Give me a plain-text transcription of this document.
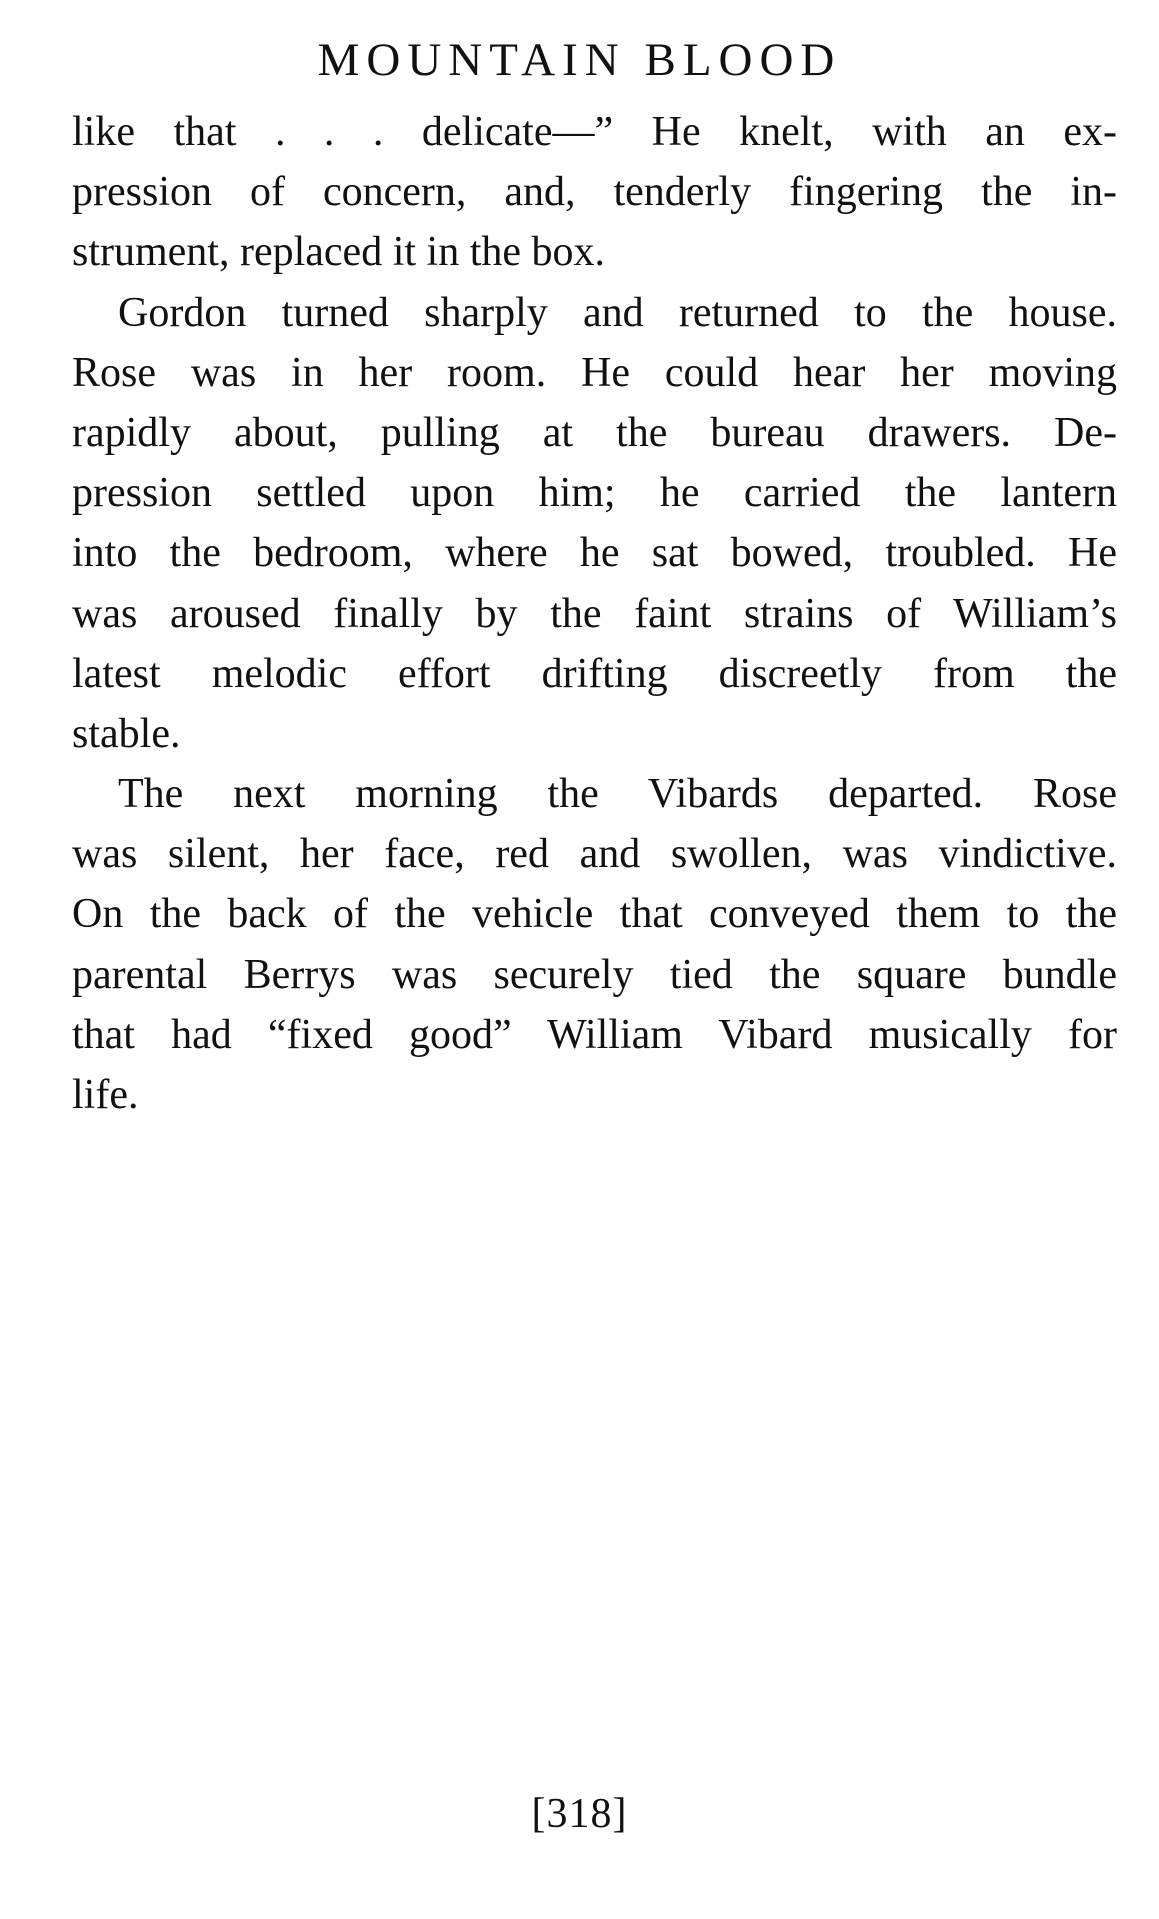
MOUNTAIN BLOOD
like that . . . delicate—” He knelt, with an ex-
pression of concern, and, tenderly fingering the in-
strument, replaced it in the box.
Gordon turned sharply and returned to the house.
Rose was in her room. He could hear her moving
rapidly about, pulling at the bureau drawers. De-
pression settled upon him; he carried the lantern
into the bedroom, where he sat bowed, troubled. He
was aroused finally by the faint strains of William’s
latest melodic effort drifting discreetly from the
stable.
The next morning the Vibards departed. Rose
was silent, her face, red and swollen, was vindictive.
On the back of the vehicle that conveyed them to the
parental Berrys was securely tied the square bundle
that had “fixed good” William Vibard musically for
life.
[318]
